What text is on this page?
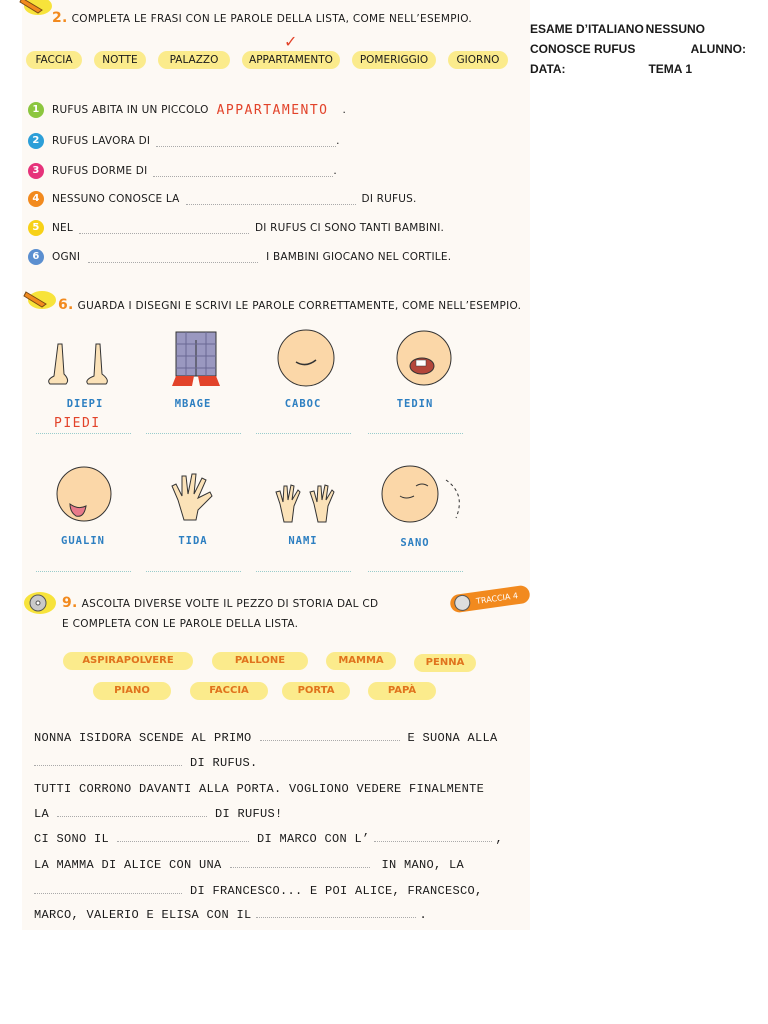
ESAME D’ITALIANO NESSUNO
CONOSCE RUFUS	ALUNNO:
DATA:	TEMA 1
2. COMPLETA LE FRASI CON LE PAROLE DELLA LISTA, COME NELL’ESEMPIO.
✓
FACCIA	NOTTE	PALAZZO	APPARTAMENTO	POMERIGGIO	GIORNO
1	RUFUS ABITA IN UN PICCOLO APPARTAMENTO .
2	RUFUS LAVORA DI	.
3	RUFUS DORME DI	.
4	NESSUNO CONOSCE LA	DI RUFUS.
5	NEL	DI RUFUS CI SONO TANTI BAMBINI.
6	OGNI	I BAMBINI GIOCANO NEL CORTILE.
6. GUARDA I DISEGNI E SCRIVI LE PAROLE CORRETTAMENTE, COME NELL’ESEMPIO.
DIEPI	MBAGE	CABOC	TEDIN
PIEDI
GUALIN	TIDA	NAMI	SANO
9. ASCOLTA DIVERSE VOLTE IL PEZZO DI STORIA DAL CD
E COMPLETA CON LE PAROLE DELLA LISTA.
TRACCIA 4
ASPIRAPOLVERE	PALLONE	MAMMA	PENNA
PIANO	FACCIA	PORTA	PAPÀ
NONNA ISIDORA SCENDE AL PRIMO	E SUONA ALLA
DI RUFUS.
TUTTI CORRONO DAVANTI ALLA PORTA. VOGLIONO VEDERE FINALMENTE
LA	DI RUFUS!
CI SONO IL	DI MARCO CON L’	,
LA MAMMA DI ALICE CON UNA	IN MANO, LA
DI FRANCESCO... E POI ALICE, FRANCESCO,
MARCO, VALERIO E ELISA CON IL	.
